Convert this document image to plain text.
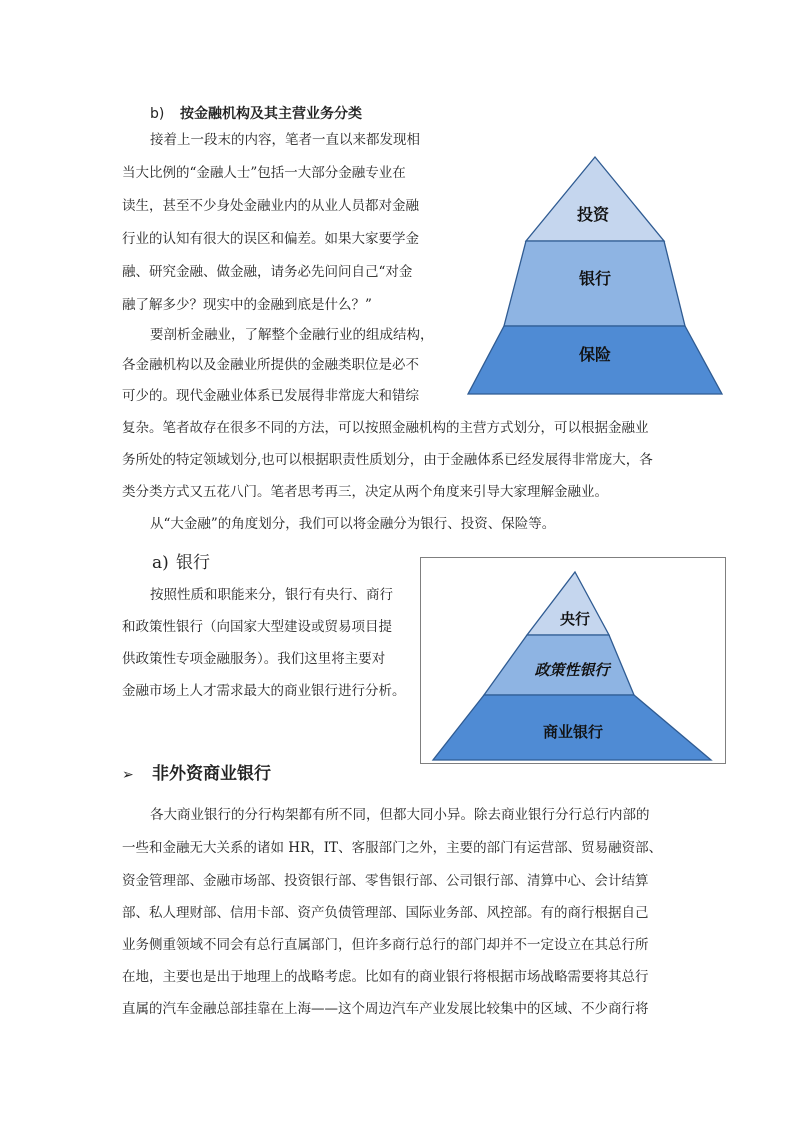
b) 按金融机构及其主营业务分类
接着上一段末的内容，笔者一直以来都发现相
当大比例的“金融人士”包括一大部分金融专业在
读生，甚至不少身处金融业内的从业人员都对金融
行业的认知有很大的误区和偏差。如果大家要学金
融、研究金融、做金融，请务必先问问自己“对金
融了解多少？现实中的金融到底是什么？”
要剖析金融业，了解整个金融行业的组成结构，
各金融机构以及金融业所提供的金融类职位是必不
可少的。现代金融业体系已发展得非常庞大和错综
复杂。笔者故存在很多不同的方法，可以按照金融机构的主营方式划分，可以根据金融业
务所处的特定领域划分,也可以根据职责性质划分，由于金融体系已经发展得非常庞大，各
类分类方式又五花八门。笔者思考再三，决定从两个角度来引导大家理解金融业。
从“大金融”的角度划分，我们可以将金融分为银行、投资、保险等。
投资
银行
保险
a) 银行
按照性质和职能来分，银行有央行、商行
和政策性银行（向国家大型建设或贸易项目提
供政策性专项金融服务）。我们这里将主要对
金融市场上人才需求最大的商业银行进行分析。
央行
政策性银行
商业银行
➢ 非外资商业银行
各大商业银行的分行构架都有所不同，但都大同小异。除去商业银行分行总行内部的
一些和金融无大关系的诸如 HR，IT、客服部门之外，主要的部门有运营部、贸易融资部、
资金管理部、金融市场部、投资银行部、零售银行部、公司银行部、清算中心、会计结算
部、私人理财部、信用卡部、资产负债管理部、国际业务部、风控部。有的商行根据自己
业务侧重领域不同会有总行直属部门，但许多商行总行的部门却并不一定设立在其总行所
在地，主要也是出于地理上的战略考虑。比如有的商业银行将根据市场战略需要将其总行
直属的汽车金融总部挂靠在上海——这个周边汽车产业发展比较集中的区域、不少商行将
